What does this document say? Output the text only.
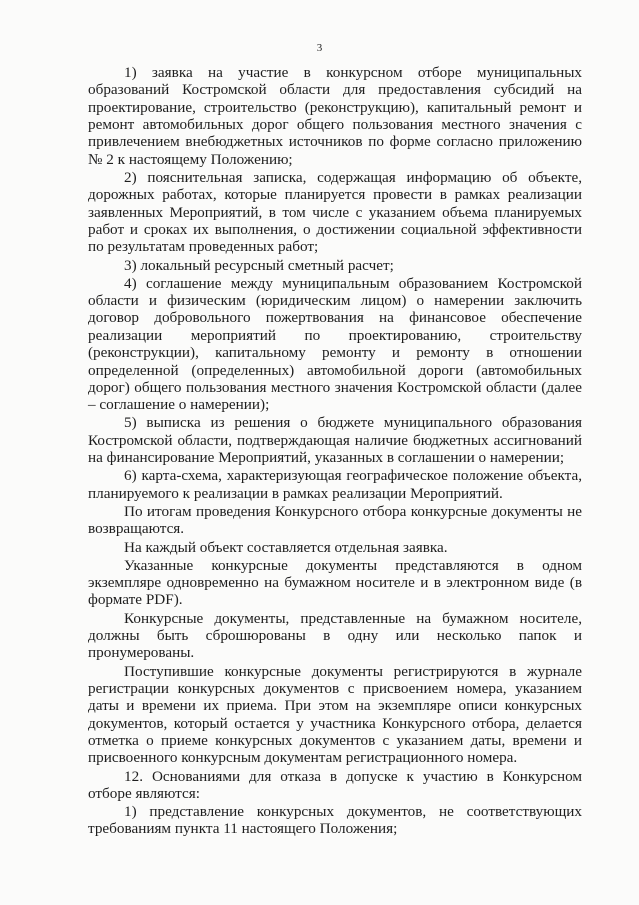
3

1) заявка на участие в конкурсном отборе муниципальных образований Костромской области для предоставления субсидий на проектирование, строительство (реконструкцию), капитальный ремонт и ремонт автомобильных дорог общего пользования местного значения с привлечением внебюджетных источников по форме согласно приложению № 2 к настоящему Положению;

2) пояснительная записка, содержащая информацию об объекте, дорожных работах, которые планируется провести в рамках реализации заявленных Мероприятий, в том числе с указанием объема планируемых работ и сроках их выполнения, о достижении социальной эффективности по результатам проведенных работ;

3) локальный ресурсный сметный расчет;

4) соглашение между муниципальным образованием Костромской области и физическим (юридическим лицом) о намерении заключить договор добровольного пожертвования на финансовое обеспечение реализации мероприятий по проектированию, строительству (реконструкции), капитальному ремонту и ремонту в отношении определенной (определенных) автомобильной дороги (автомобильных дорог) общего пользования местного значения Костромской области (далее – соглашение о намерении);

5) выписка из решения о бюджете муниципального образования Костромской области, подтверждающая наличие бюджетных ассигнований на финансирование Мероприятий, указанных в соглашении о намерении;

6) карта-схема, характеризующая географическое положение объекта, планируемого к реализации в рамках реализации Мероприятий.

По итогам проведения Конкурсного отбора конкурсные документы не возвращаются.

На каждый объект составляется отдельная заявка.

Указанные конкурсные документы представляются в одном экземпляре одновременно на бумажном носителе и в электронном виде (в формате PDF).

Конкурсные документы, представленные на бумажном носителе, должны быть сброшюрованы в одну или несколько папок и пронумерованы.

Поступившие конкурсные документы регистрируются в журнале регистрации конкурсных документов с присвоением номера, указанием даты и времени их приема. При этом на экземпляре описи конкурсных документов, который остается у участника Конкурсного отбора, делается отметка о приеме конкурсных документов с указанием даты, времени и присвоенного конкурсным документам регистрационного номера.

12. Основаниями для отказа в допуске к участию в Конкурсном отборе являются:

1) представление конкурсных документов, не соответствующих требованиям пункта 11 настоящего Положения;
